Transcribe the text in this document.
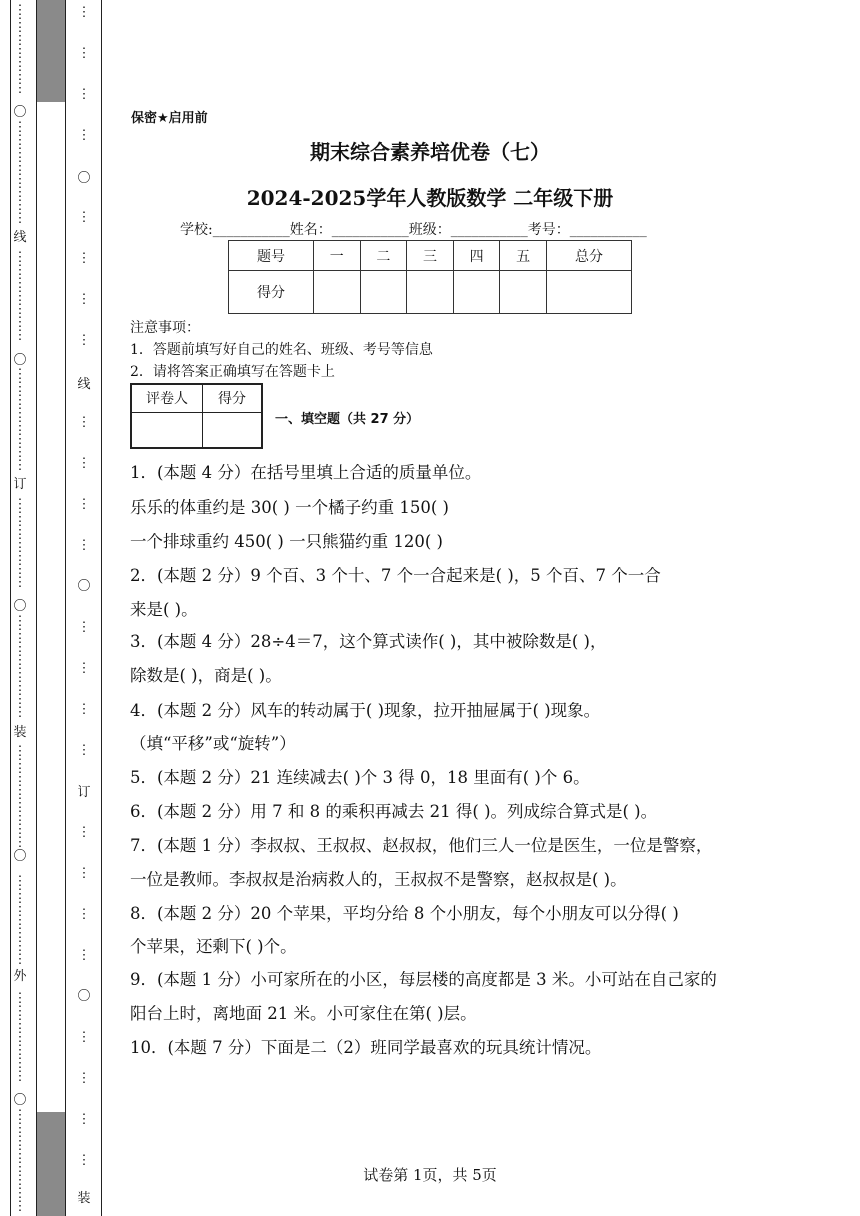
⋮
⋮
⋮
⋮
⋮
⋮
⋮
⋮
⋮
⋮
⋮
⋮
⋮
⋮
⋮
⋮
⋮
⋮
⋮
⋮
⋮
⋮
⋮
⋮
⋮
⋮
⋮
⋮
⋮
⋮
⋮
⋮
⋮
⋮
⋮
⋮
⋮
⋮
⋮
⋮
⋮
⋮
⋮
⋮
⋮
⋮
⋮
⋮
⋮
⋮
⋮
⋮
⋮
⋮
⋮
⋮
⋮
⋮
⋮
⋮
⋮
⋮
⋮
⋮
⋮
⋮
⋮
⋮
⋮
⋮
⋮
⋮
⋮
⋮
⋮
〇
线
〇
订
〇
装
〇
外
〇
⋮
⋮
⋮
⋮
⋮
⋮
⋮
⋮
⋮
⋮
⋮
⋮
⋮
⋮
⋮
⋮
⋮
⋮
⋮
⋮
⋮
⋮
⋮
⋮
〇
线
〇
订
〇
装
保密★启用前
期末综合素养培优卷（七）
2024-2025学年人教版数学 二年级下册
学校:___________姓名：___________班级：___________考号：___________
题号	一	二	三	四	五	总分
得分						
注意事项：
1．答题前填写好自己的姓名、班级、考号等信息
2．请将答案正确填写在答题卡上
评卷人	得分

一、填空题（共 27 分）
1．(本题 4 分）在括号里填上合适的质量单位。
乐乐的体重约是 30( ) 一个橘子约重 150( )
一个排球重约 450( ) 一只熊猫约重 120( )
2．(本题 2 分）9 个百、3 个十、7 个一合起来是( )，5 个百、7 个一合
来是( )。
3．(本题 4 分）28÷4＝7，这个算式读作( )，其中被除数是( )，
除数是( )，商是( )。
4．(本题 2 分）风车的转动属于( )现象，拉开抽屉属于( )现象。
（填“平移”或“旋转”）
5．(本题 2 分）21 连续减去( )个 3 得 0，18 里面有( )个 6。
6．(本题 2 分）用 7 和 8 的乘积再减去 21 得( )。列成综合算式是( )。
7．(本题 1 分）李叔叔、王叔叔、赵叔叔，他们三人一位是医生，一位是警察，
一位是教师。李叔叔是治病救人的，王叔叔不是警察，赵叔叔是( )。
8．(本题 2 分）20 个苹果，平均分给 8 个小朋友，每个小朋友可以分得( )
个苹果，还剩下( )个。
9．(本题 1 分）小可家所在的小区，每层楼的高度都是 3 米。小可站在自己家的
阳台上时，离地面 21 米。小可家住在第( )层。
10．(本题 7 分）下面是二（2）班同学最喜欢的玩具统计情况。
试卷第 1页，共 5页
